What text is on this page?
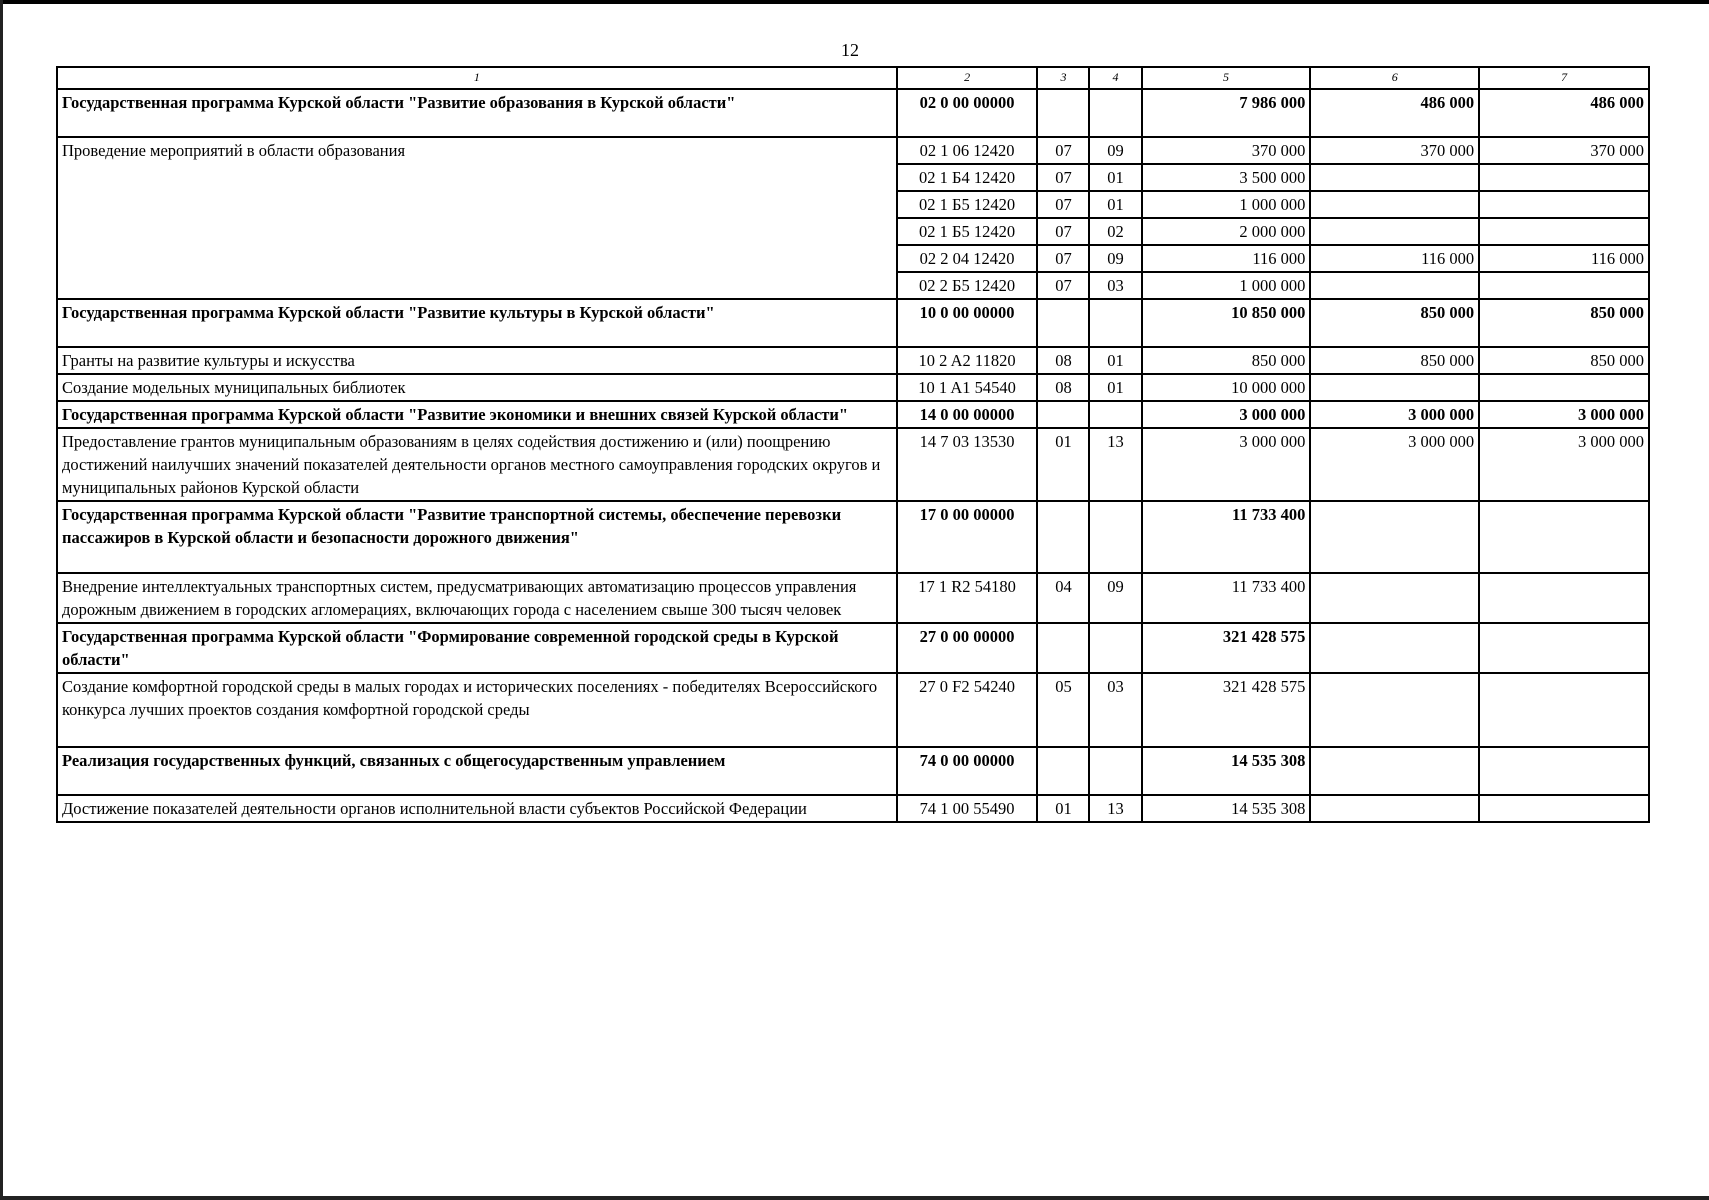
12
1	2	3	4	5	6	7
Государственная программа Курской области "Развитие образования в Курской области"	02 0 00 00000			7 986 000	486 000	486 000
Проведение мероприятий в области образования	02 1 06 12420	07	09	370 000	370 000	370 000
	02 1 Б4 12420	07	01	3 500 000		
	02 1 Б5 12420	07	01	1 000 000		
	02 1 Б5 12420	07	02	2 000 000		
	02 2 04 12420	07	09	116 000	116 000	116 000
	02 2 Б5 12420	07	03	1 000 000		
Государственная программа Курской области "Развитие культуры в Курской области"	10 0 00 00000			10 850 000	850 000	850 000
Гранты на развитие культуры и искусства	10 2 A2 11820	08	01	850 000	850 000	850 000
Создание модельных муниципальных библиотек	10 1 A1 54540	08	01	10 000 000		
Государственная программа Курской области "Развитие экономики и внешних связей Курской области"	14 0 00 00000			3 000 000	3 000 000	3 000 000
Предоставление грантов муниципальным образованиям в целях содействия достижению и (или) поощрению достижений наилучших значений показателей деятельности органов местного самоуправления городских округов и муниципальных районов Курской области	14 7 03 13530	01	13	3 000 000	3 000 000	3 000 000
Государственная программа Курской области "Развитие транспортной системы, обеспечение перевозки пассажиров в Курской области и безопасности дорожного движения"	17 0 00 00000			11 733 400		
Внедрение интеллектуальных транспортных систем, предусматривающих автоматизацию процессов управления дорожным движением в городских агломерациях, включающих города с населением свыше 300 тысяч человек	17 1 R2 54180	04	09	11 733 400		
Государственная программа Курской области "Формирование современной городской среды в Курской области"	27 0 00 00000			321 428 575		
Создание комфортной городской среды в малых городах и исторических поселениях - победителях Всероссийского конкурса лучших проектов создания комфортной городской среды	27 0 F2 54240	05	03	321 428 575		
Реализация государственных функций, связанных с общегосударственным управлением	74 0 00 00000			14 535 308		
Достижение показателей деятельности органов исполнительной власти субъектов Российской Федерации	74 1 00 55490	01	13	14 535 308		
